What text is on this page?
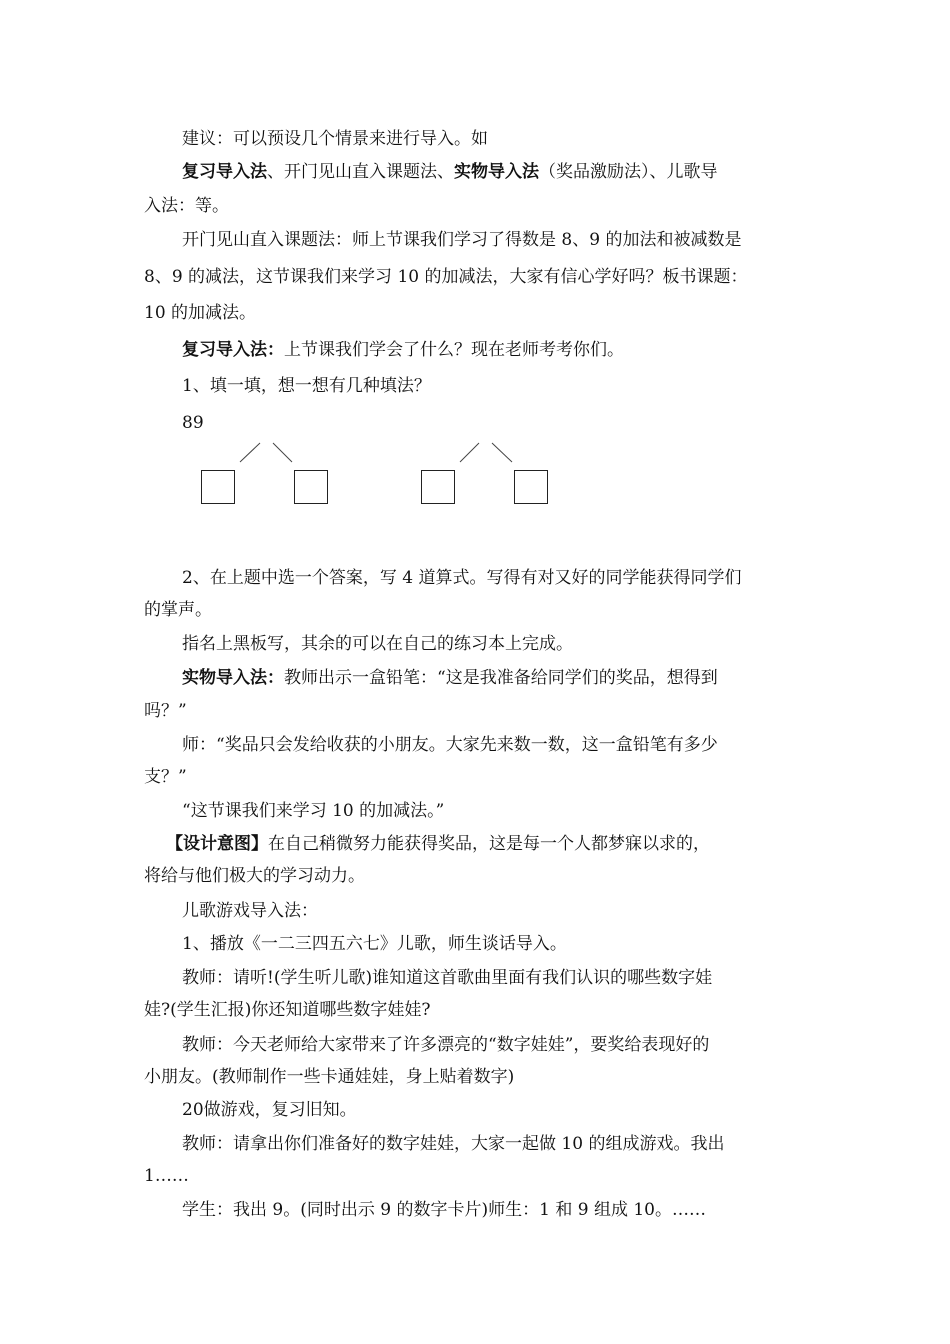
建议：可以预设几个情景来进行导入。如
复习导入法、开门见山直入课题法、实物导入法（奖品激励法）、儿歌导
入法：等。
开门见山直入课题法：师上节课我们学习了得数是 8、9 的加法和被减数是
8、9 的减法，这节课我们来学习 10 的加减法，大家有信心学好吗？板书课题：
10 的加减法。
复习导入法：上节课我们学会了什么？现在老师考考你们。
1、填一填，想一想有几种填法？
89
2、在上题中选一个答案，写 4 道算式。写得有对又好的同学能获得同学们
的掌声。
指名上黑板写，其余的可以在自己的练习本上完成。
实物导入法：教师出示一盒铅笔：“这是我准备给同学们的奖品，想得到
吗？”
师：“奖品只会发给收获的小朋友。大家先来数一数，这一盒铅笔有多少
支？”
“这节课我们来学习 10 的加减法。”
【设计意图】在自己稍微努力能获得奖品，这是每一个人都梦寐以求的，
将给与他们极大的学习动力。
儿歌游戏导入法：
1、播放《一二三四五六七》儿歌，师生谈话导入。
教师：请听!(学生听儿歌)谁知道这首歌曲里面有我们认识的哪些数字娃
娃?(学生汇报)你还知道哪些数字娃娃?
教师：今天老师给大家带来了许多漂亮的“数字娃娃”，要奖给表现好的
小朋友。(教师制作一些卡通娃娃，身上贴着数字)
20做游戏，复习旧知。
教师：请拿出你们准备好的数字娃娃，大家一起做 10 的组成游戏。我出
1……
学生：我出 9。(同时出示 9 的数字卡片)师生：1 和 9 组成 10。……
